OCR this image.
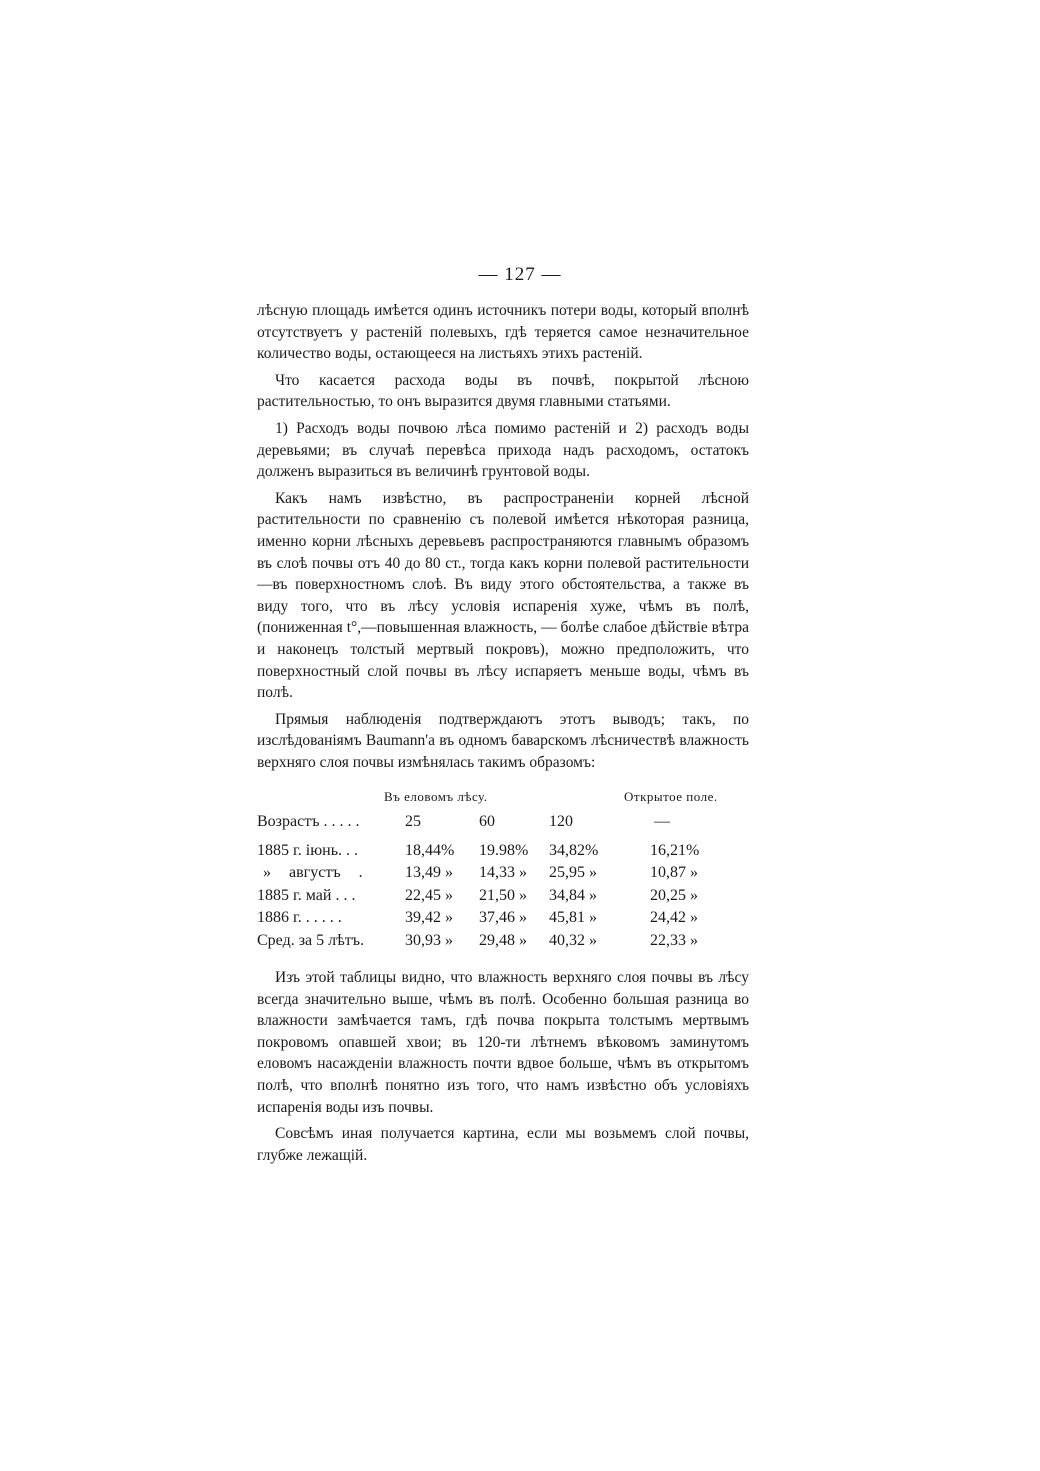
— 127 —

лѣсную площадь имѣется одинъ источникъ потери воды, который вполнѣ отсутствуетъ у растеній полевыхъ, гдѣ теряется самое незначительное количество воды, остающееся на листьяхъ этихъ растеній.

Что касается расхода воды въ почвѣ, покрытой лѣсною растительностью, то онъ выразится двумя главными статьями.

1) Расходъ воды почвою лѣса помимо растеній и 2) расходъ воды деревьями; въ случаѣ перевѣса прихода надъ расходомъ, остатокъ долженъ выразиться въ величинѣ грунтовой воды.

Какъ намъ извѣстно, въ распространеніи корней лѣсной растительности по сравненію съ полевой имѣется нѣкоторая разница, именно корни лѣсныхъ деревьевъ распространяются главнымъ образомъ въ слоѣ почвы отъ 40 до 80 ст., тогда какъ корни полевой растительности—въ поверхностномъ слоѣ. Въ виду этого обстоятельства, а также въ виду того, что въ лѣсу условія испаренія хуже, чѣмъ въ полѣ, (пониженная t°,—повышенная влажность, — болѣе слабое дѣйствіе вѣтра и наконецъ толстый мертвый покровъ), можно предположить, что поверхностный слой почвы въ лѣсу испаряетъ меньше воды, чѣмъ въ полѣ.

Прямыя наблюденія подтверждаютъ этотъ выводъ; такъ, по изслѣдованіямъ Baumann'а въ одномъ баварскомъ лѣсничествѣ влажность верхняго слоя почвы измѣнялась такимъ образомъ:

Въ еловомъ лѣсу.	Открытое поле.
Возрастъ . . . . .	25	60	120	—
1885 г. іюнь. . .	18,44% 19.98% 34,82%	16,21%
» августъ .	13,49 » 14,33 » 25,95 »	10,87 »
1885 г. май . . .	22,45 » 21,50 » 34,84 »	20,25 »
1886 г. . . . . .	39,42 » 37,46 » 45,81 »	24,42 »
Сред. за 5 лѣтъ.	30,93 » 29,48 » 40,32 »	22,33 »

Изъ этой таблицы видно, что влажность верхняго слоя почвы въ лѣсу всегда значительно выше, чѣмъ въ полѣ. Особенно большая разница во влажности замѣчается тамъ, гдѣ почва покрыта толстымъ мертвымъ покровомъ опавшей хвои; въ 120-ти лѣтнемъ вѣковомъ заминутомъ еловомъ насажденіи влажность почти вдвое больше, чѣмъ въ открытомъ полѣ, что вполнѣ понятно изъ того, что намъ извѣстно объ условіяхъ испаренія воды изъ почвы.

Совсѣмъ иная получается картина, если мы возьмемъ слой почвы, глубже лежащій.
